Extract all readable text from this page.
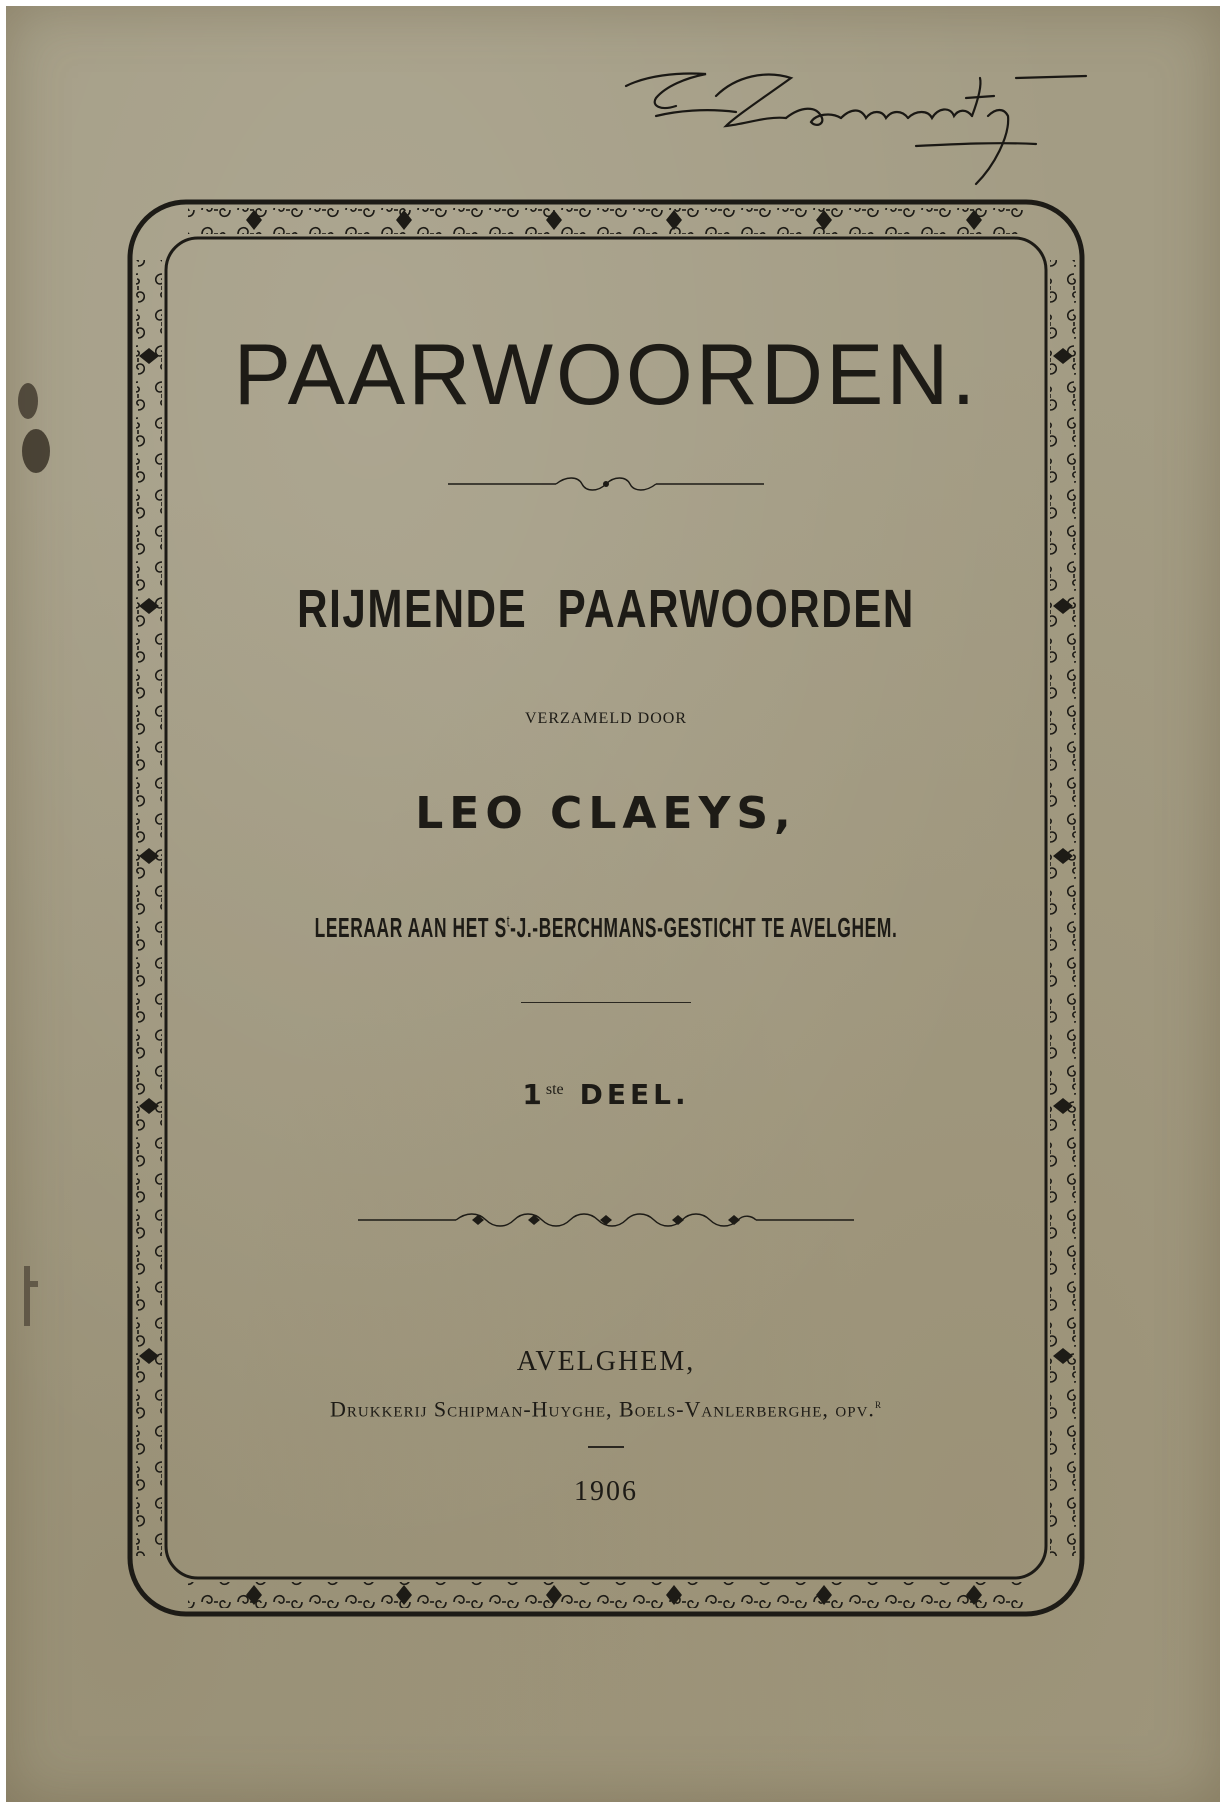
PAARWOORDEN.
RIJMENDE PAARWOORDEN

VERZAMELD DOOR

LEO CLAEYS,

LEERAAR AAN HET $S^t-J.-BERCHMANS$-GESTICHT TE AVELGHEM.

1ste DEEL.

AVELGHEM,

Drukkerij Schipman-Huyghe, Boels-Vanlerberghe, opv.$^r$

1906
